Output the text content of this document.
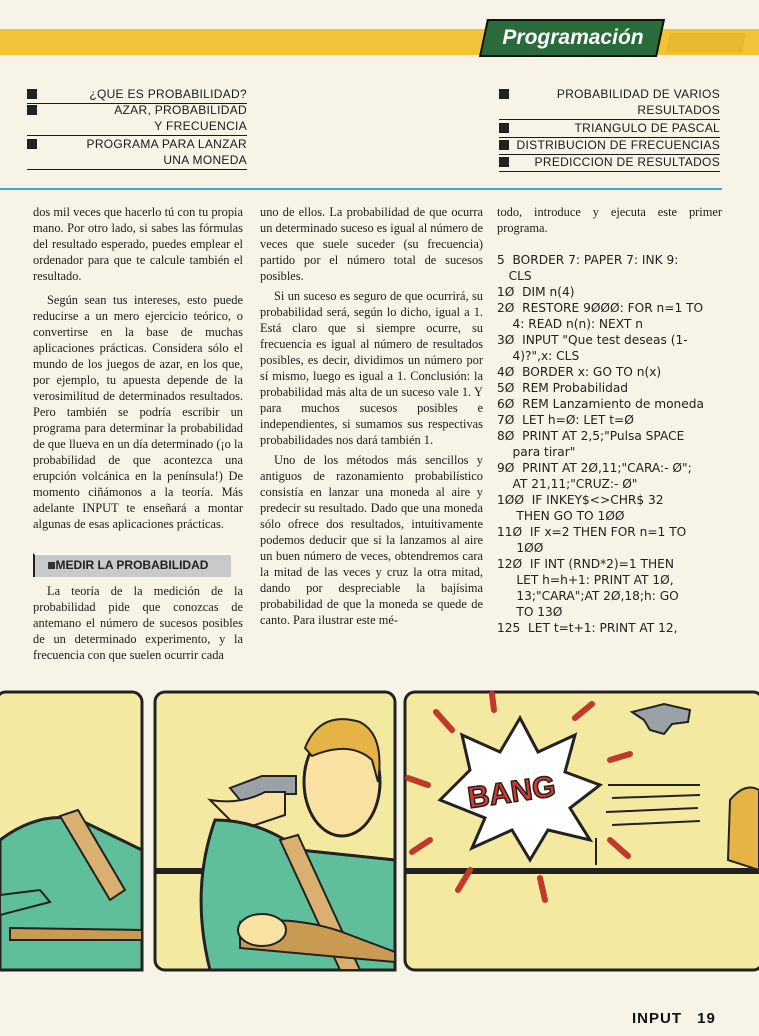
Programación
¿QUE ES PROBABILIDAD?
AZAR, PROBABILIDAD
Y FRECUENCIA
PROGRAMA PARA LANZAR
UNA MONEDA
PROBABILIDAD DE VARIOS
RESULTADOS
TRIANGULO DE PASCAL
DISTRIBUCION DE FRECUENCIAS
PREDICCION DE RESULTADOS

dos mil veces que hacerlo tú con tu propia mano. Por otro lado, si sabes las fórmulas del resultado esperado, puedes emplear el ordenador para que te calcule también el resultado.

Según sean tus intereses, esto puede reducirse a un mero ejercicio teórico, o convertirse en la base de muchas aplicaciones prácticas. Considera sólo el mundo de los juegos de azar, en los que, por ejemplo, tu apuesta depende de la verosimilitud de determinados resultados. Pero también se podría escribir un programa para determinar la probabilidad de que llueva en un día determinado (¡o la probabilidad de que acontezca una erupción volcánica en la península!) De momento ciñámonos a la teoría. Más adelante INPUT te enseñará a montar algunas de esas aplicaciones prácticas.

MEDIR LA PROBABILIDAD

La teoría de la medición de la probabilidad pide que conozcas de antemano el número de sucesos posibles de un determinado experimento, y la frecuencia con que suelen ocurrir cada

uno de ellos. La probabilidad de que ocurra un determinado suceso es igual al número de veces que suele suceder (su frecuencia) partido por el número total de sucesos posibles.

Si un suceso es seguro de que ocurrirá, su probabilidad será, según lo dicho, igual a 1. Está claro que si siempre ocurre, su frecuencia es igual al número de resultados posibles, es decir, dividimos un número por sí mismo, luego es igual a 1. Conclusión: la probabilidad más alta de un suceso vale 1. Y para muchos sucesos posibles e independientes, si sumamos sus respectivas probabilidades nos dará también 1.

Uno de los métodos más sencillos y antiguos de razonamiento probabilístico consistía en lanzar una moneda al aire y predecir su resultado. Dado que una moneda sólo ofrece dos resultados, intuitivamente podemos deducir que si la lanzamos al aire un buen número de veces, obtendremos cara la mitad de las veces y cruz la otra mitad, dando por despreciable la bajísima probabilidad de que la moneda se quede de canto. Para ilustrar este mé-

todo, introduce y ejecuta este primer programa.

5  BORDER 7: PAPER 7: INK 9:
CLS
1Ø  DIM n(4)
2Ø  RESTORE 9ØØØ: FOR n=1 TO
4: READ n(n): NEXT n
3Ø  INPUT "Que test deseas (1-
4)?",x: CLS
4Ø  BORDER x: GO TO n(x)
5Ø  REM Probabilidad
6Ø  REM Lanzamiento de moneda
7Ø  LET h=Ø: LET t=Ø
8Ø  PRINT AT 2,5;"Pulsa SPACE
para tirar"
9Ø  PRINT AT 2Ø,11;"CARA:- Ø";
AT 21,11;"CRUZ:- Ø"
1ØØ  IF INKEY$<>CHR$ 32
THEN GO TO 1ØØ
11Ø  IF x=2 THEN FOR n=1 TO
1ØØ
12Ø  IF INT (RND*2)=1 THEN
LET h=h+1: PRINT AT 1Ø,
13;"CARA";AT 2Ø,18;h: GO
TO 13Ø
125  LET t=t+1: PRINT AT 12,
BANG
INPUT 19
